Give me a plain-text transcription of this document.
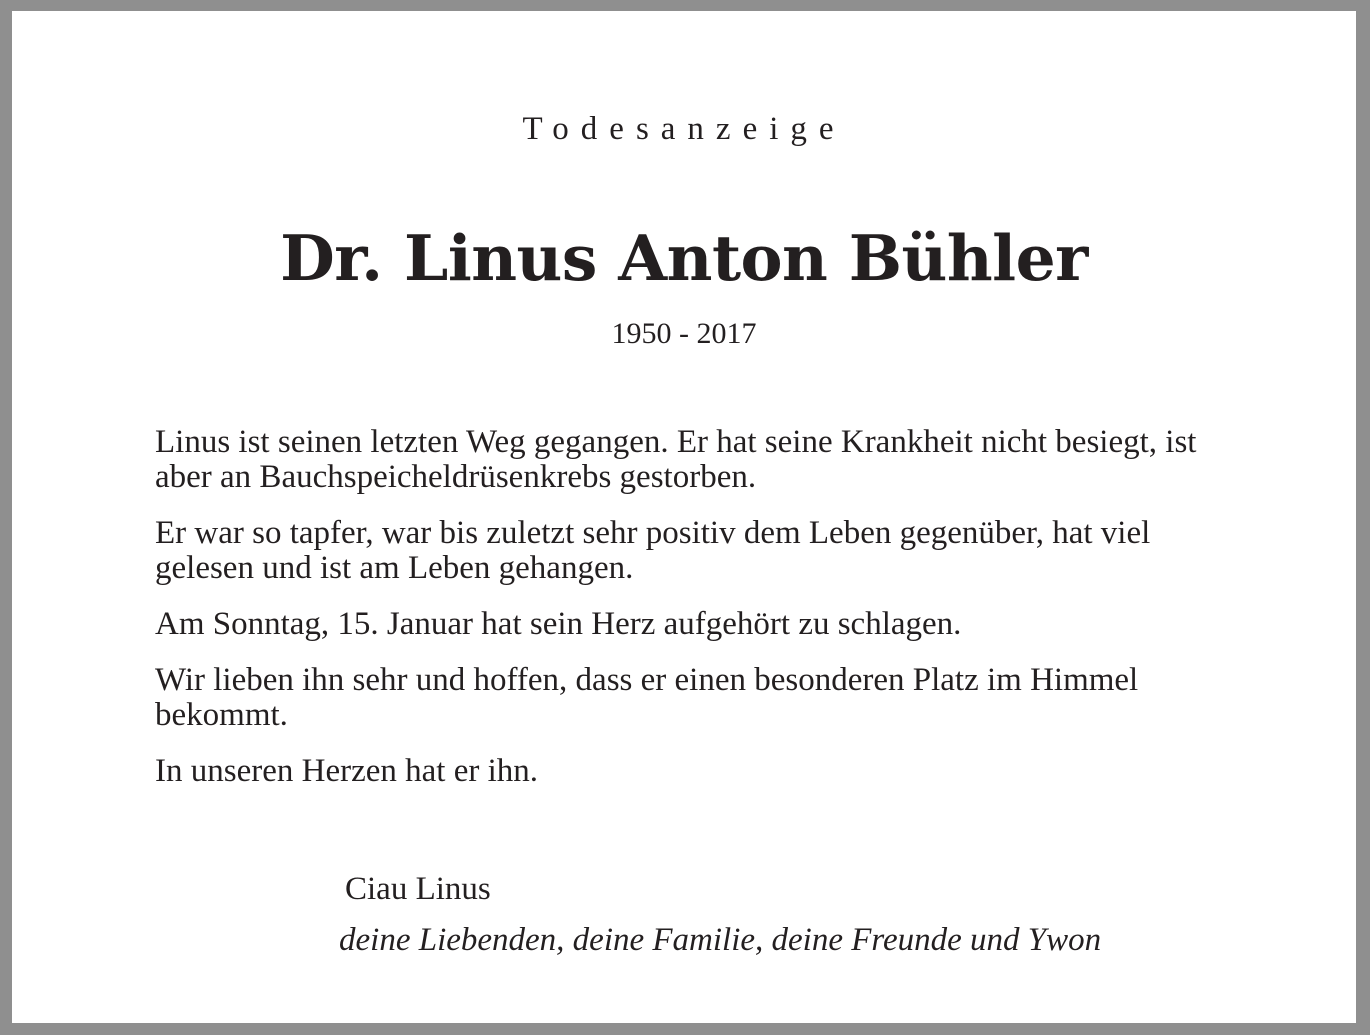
Todesanzeige
Dr. Linus Anton Bühler
1950 - 2017

Linus ist seinen letzten Weg gegangen. Er hat seine Krankheit nicht besiegt, ist aber an Bauchspeicheldrüsenkrebs gestorben.

Er war so tapfer, war bis zuletzt sehr positiv dem Leben gegenüber, hat viel gelesen und ist am Leben gehangen.

Am Sonntag, 15. Januar hat sein Herz aufgehört zu schlagen.

Wir lieben ihn sehr und hoffen, dass er einen besonderen Platz im Himmel bekommt.

In unseren Herzen hat er ihn.

Ciau Linus
deine Liebenden, deine Familie, deine Freunde und Ywon
